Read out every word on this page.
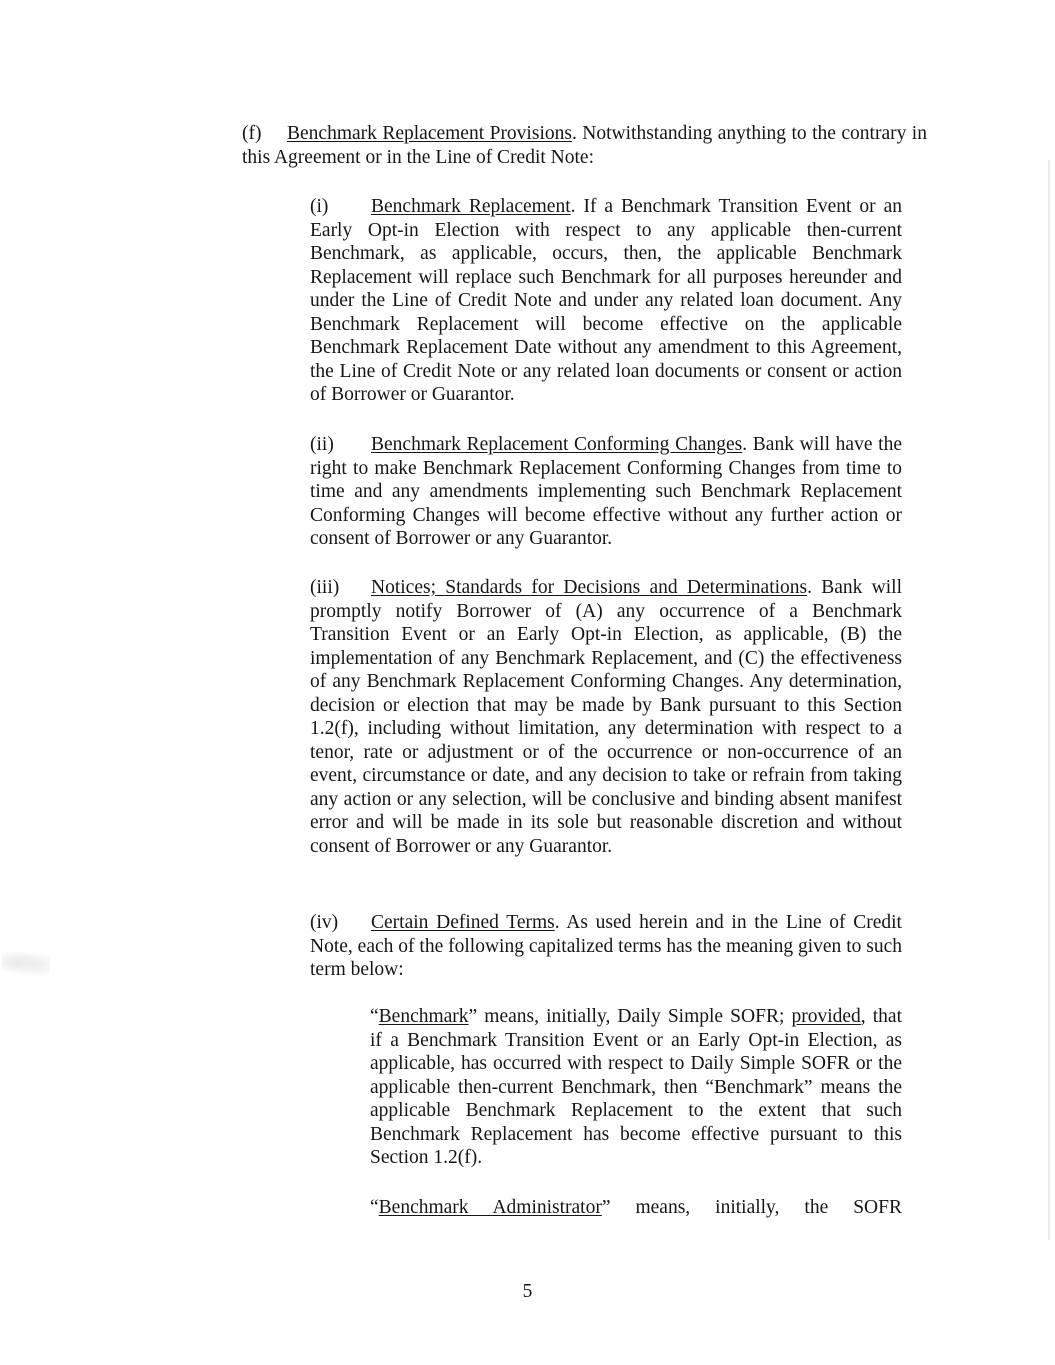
(f) Benchmark Replacement Provisions. Notwithstanding anything to the contrary in this Agreement or in the Line of Credit Note:
(i) Benchmark Replacement. If a Benchmark Transition Event or an Early Opt-in Election with respect to any applicable then-current Benchmark, as applicable, occurs, then, the applicable Benchmark Replacement will replace such Benchmark for all purposes hereunder and under the Line of Credit Note and under any related loan document. Any Benchmark Replacement will become effective on the applicable Benchmark Replacement Date without any amendment to this Agreement, the Line of Credit Note or any related loan documents or consent or action of Borrower or Guarantor.
(ii) Benchmark Replacement Conforming Changes. Bank will have the right to make Benchmark Replacement Conforming Changes from time to time and any amendments implementing such Benchmark Replacement Conforming Changes will become effective without any further action or consent of Borrower or any Guarantor.
(iii) Notices; Standards for Decisions and Determinations. Bank will promptly notify Borrower of (A) any occurrence of a Benchmark Transition Event or an Early Opt-in Election, as applicable, (B) the implementation of any Benchmark Replacement, and (C) the effectiveness of any Benchmark Replacement Conforming Changes. Any determination, decision or election that may be made by Bank pursuant to this Section 1.2(f), including without limitation, any determination with respect to a tenor, rate or adjustment or of the occurrence or non-occurrence of an event, circumstance or date, and any decision to take or refrain from taking any action or any selection, will be conclusive and binding absent manifest error and will be made in its sole but reasonable discretion and without consent of Borrower or any Guarantor.
(iv) Certain Defined Terms. As used herein and in the Line of Credit Note, each of the following capitalized terms has the meaning given to such term below:
“Benchmark” means, initially, Daily Simple SOFR; provided, that if a Benchmark Transition Event or an Early Opt-in Election, as applicable, has occurred with respect to Daily Simple SOFR or the applicable then-current Benchmark, then “Benchmark” means the applicable Benchmark Replacement to the extent that such Benchmark Replacement has become effective pursuant to this Section 1.2(f).
“Benchmark Administrator” means, initially, the SOFR
5
